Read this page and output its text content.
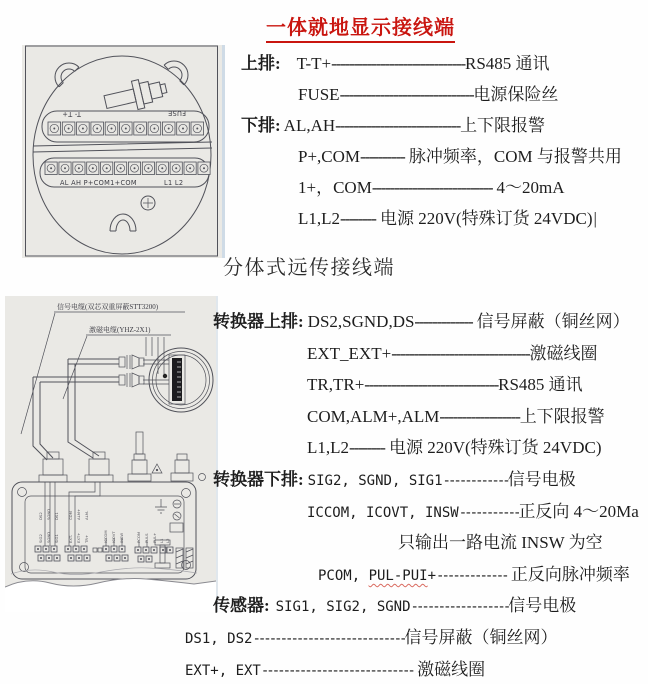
一体就地显示接线端
T- T+	FUSE
AL AH P+COM1+COM	L1 L2
上排: T-T+------------------------------RS485 通讯
FUSE------------------------------电源保险丝
下排: AL,AH----------------------------上下限报警
P+,COM---------- 脉冲频率，COM 与报警共用
1+，COM--------------------------- 4～20mA
L1,L2-------- 电源 220V(特殊订货 24VDC)|
分体式远传接线端
信号电缆(双芯双重屏蔽STT3200)
激磁电缆(YHZ-2X1)
DS2 SGND DS1 COM ALM+ ALM-
SIG2 SGND SIG1 EXT- EXT+ TR+	ICCOM ICOVT INSW	PCOM PULS PUL+ L1 L2
转换器上排: DS2,SGND,DS------------- 信号屏蔽（铜丝网）
EXT_EXT+-------------------------------激磁线圈
TR,TR+------------------------------RS485 通讯
COM,ALM+,ALM------------------上下限报警
L1,L2-------- 电源 220V(特殊订货 24VDC)
转换器下排: SIG2, SGND, SIG1------------信号电极
ICCOM, ICOVT, INSW-----------正反向 4～20Ma
只输出一路电流 INSW 为空
PCOM, PUL-PUI+------------- 正反向脉冲频率
传感器: SIG1, SIG2, SGND------------------信号电极
DS1, DS2----------------------------信号屏蔽（铜丝网）
EXT+, EXT---------------------------- 激磁线圈
